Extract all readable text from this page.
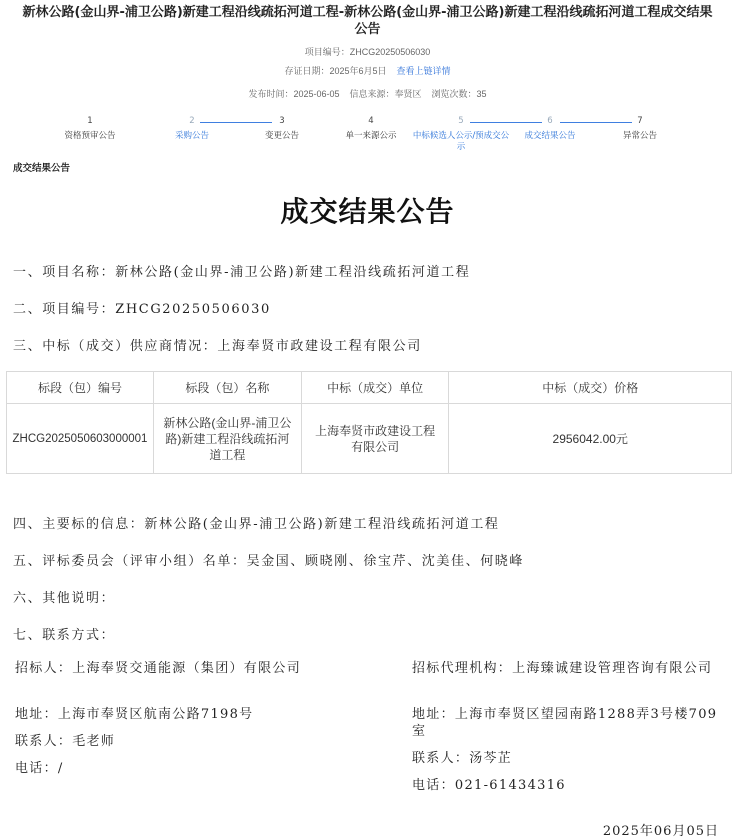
新林公路(金山界-浦卫公路)新建工程沿线疏拓河道工程-新林公路(金山界-浦卫公路)新建工程沿线疏拓河道工程成交结果公告
项目编号：ZHCG20250506030
存证日期：2025年6月5日 查看上链详情
发布时间：2025-06-05 信息来源：奉贤区 浏览次数：35
1
资格预审公告
2
采购公告
3
变更公告
4
单一来源公示
5
中标候选人公示/预成交公示
6
成交结果公告
7
异常公告
成交结果公告
成交结果公告
一、项目名称：新林公路(金山界-浦卫公路)新建工程沿线疏拓河道工程
二、项目编号：ZHCG20250506030
三、中标（成交）供应商情况：上海奉贤市政建设工程有限公司
标段（包）编号	标段（包）名称	中标（成交）单位	中标（成交）价格
ZHCG2025050603000001	新林公路(金山界-浦卫公路)新建工程沿线疏拓河道工程	上海奉贤市政建设工程有限公司	2956042.00元
四、主要标的信息：新林公路(金山界-浦卫公路)新建工程沿线疏拓河道工程
五、评标委员会（评审小组）名单：吴金国、顾晓刚、徐宝芹、沈美佳、何晓峰
六、其他说明：
七、联系方式：
招标人：上海奉贤交通能源（集团）有限公司
地址：上海市奉贤区航南公路7198号
联系人：毛老师
电话：/
招标代理机构：上海臻诚建设管理咨询有限公司
地址：上海市奉贤区望园南路1288弄3号楼709室
联系人：汤芩芷
电话：021-61434316
2025年06月05日
